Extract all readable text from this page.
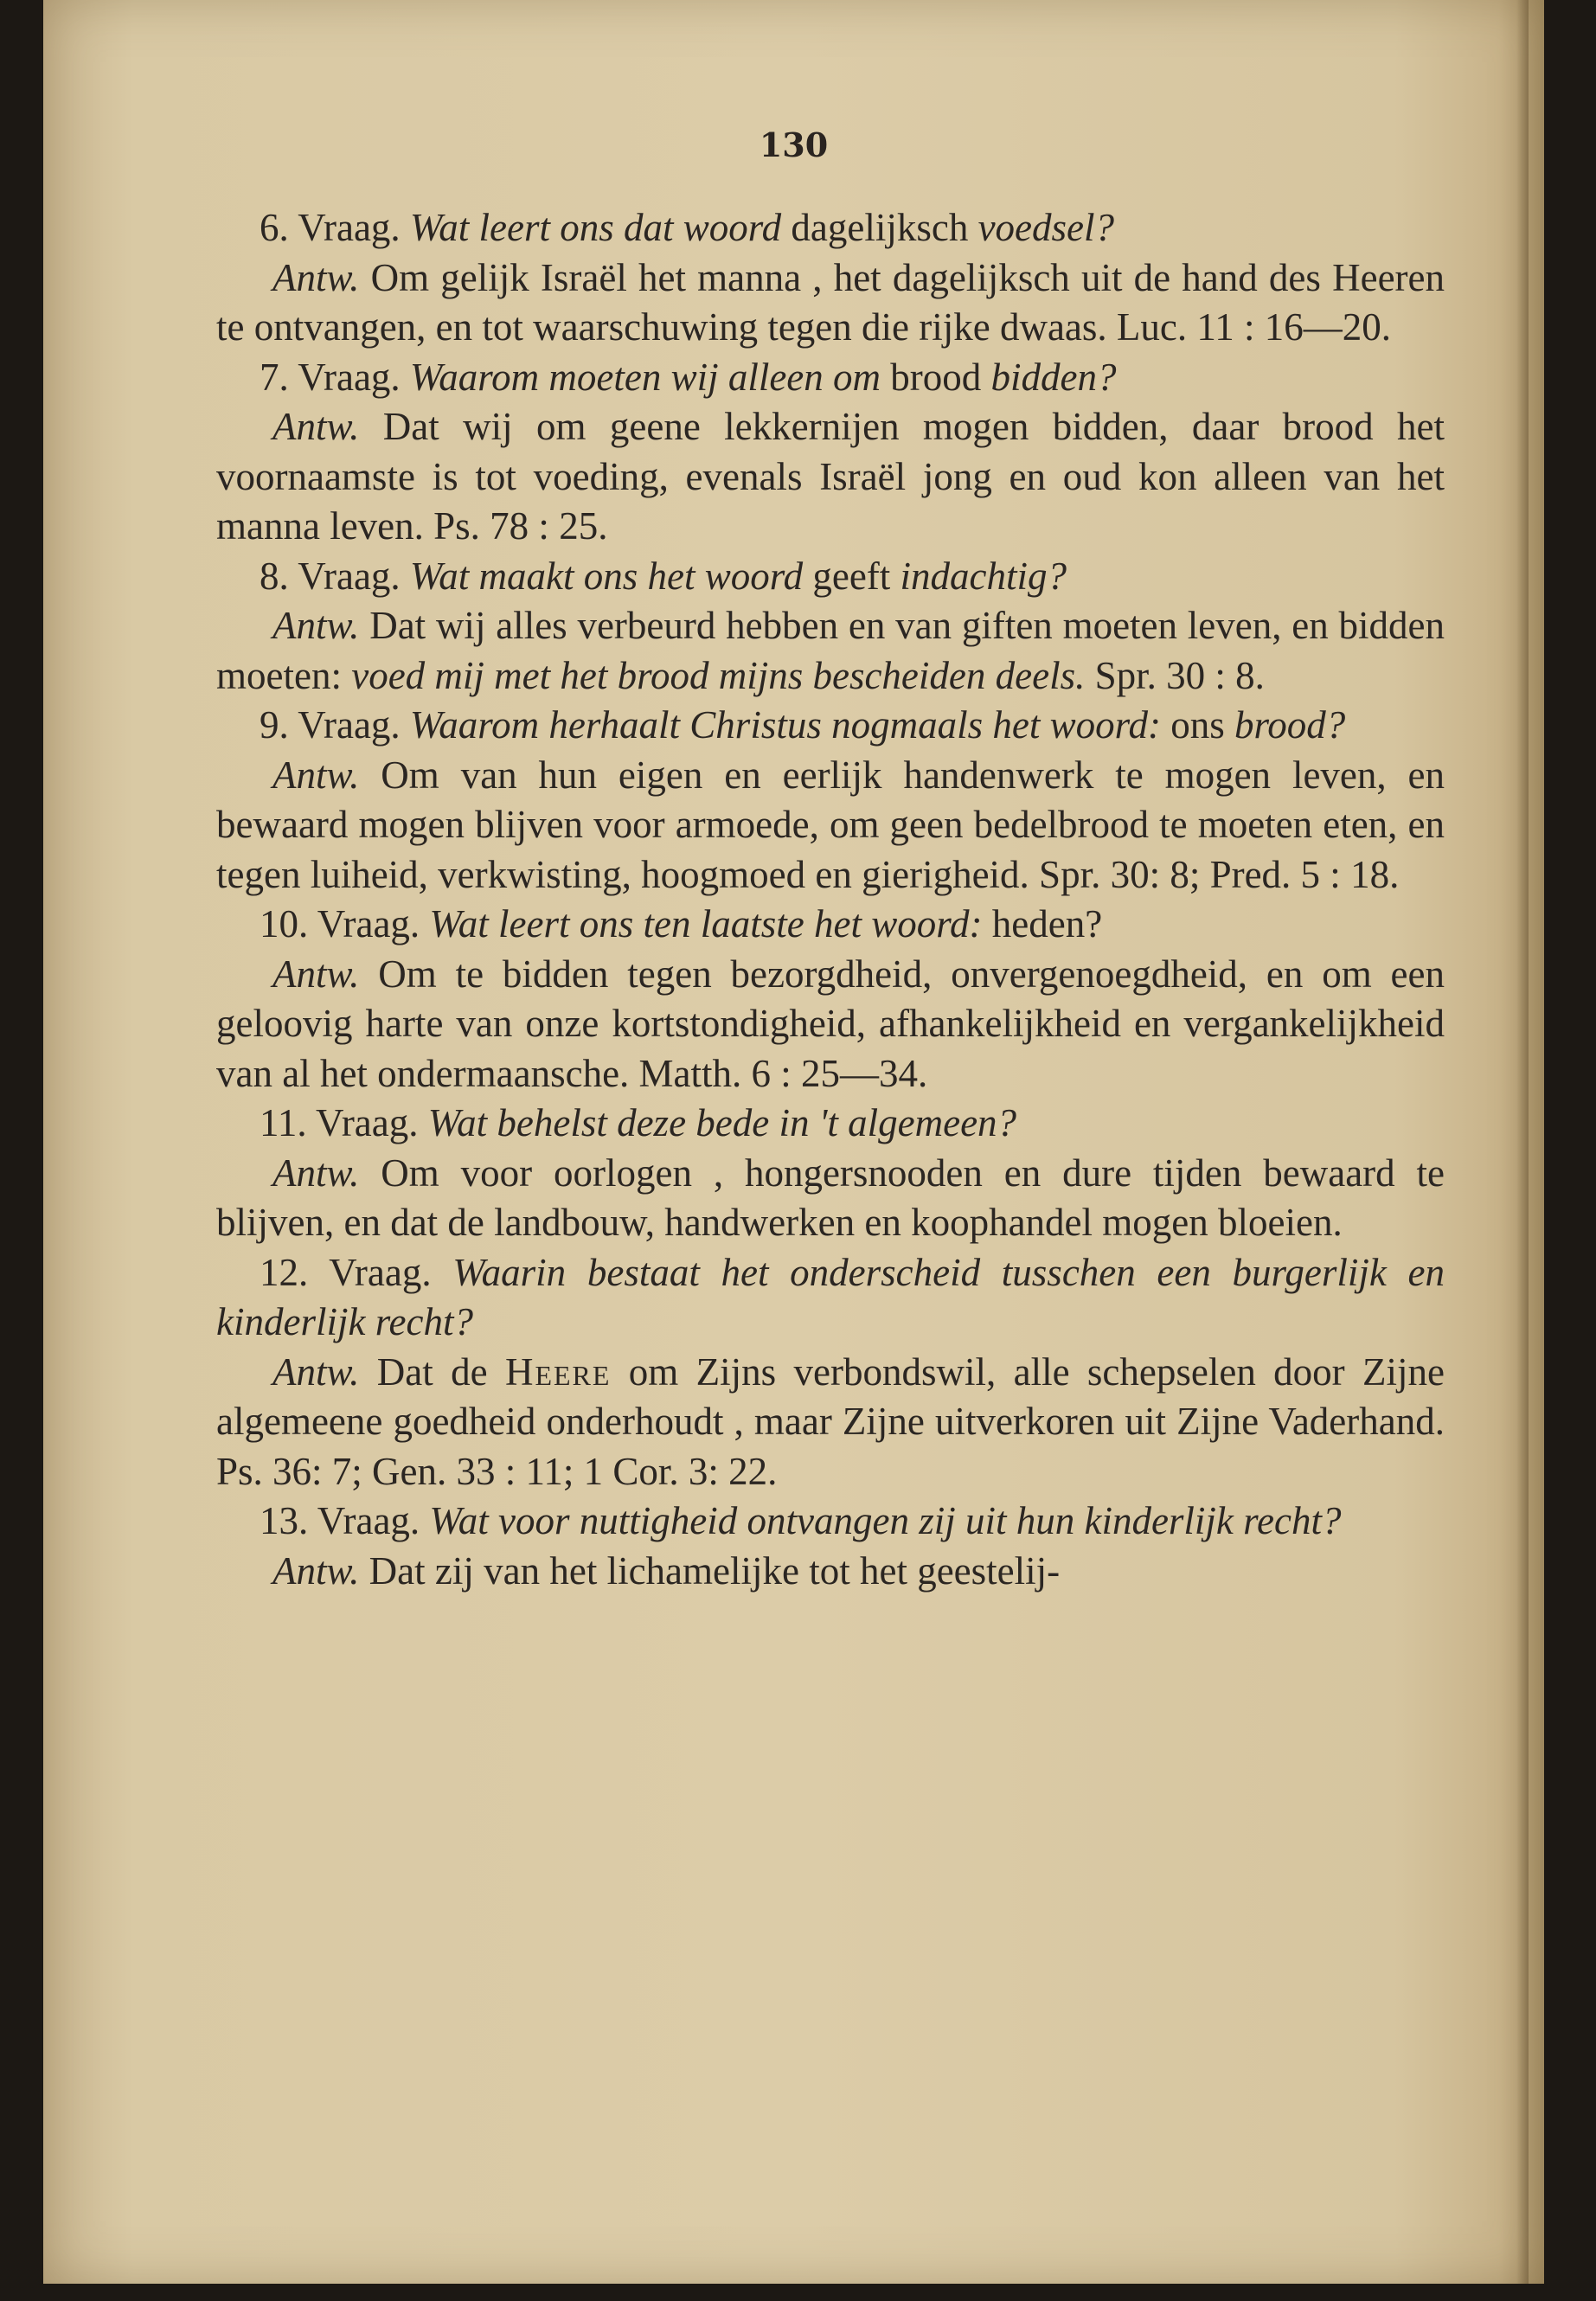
130

6. Vraag. Wat leert ons dat woord dagelijksch voedsel?

Antw. Om gelijk Israël het manna , het dagelijksch uit de hand des Heeren te ontvangen, en tot waarschuwing tegen die rijke dwaas. Luc. 11 : 16—20.

7. Vraag. Waarom moeten wij alleen om brood bidden?

Antw. Dat wij om geene lekkernijen mogen bidden, daar brood het voornaamste is tot voeding, evenals Israël jong en oud kon alleen van het manna leven. Ps. 78 : 25.

8. Vraag. Wat maakt ons het woord geeft indachtig?

Antw. Dat wij alles verbeurd hebben en van giften moeten leven, en bidden moeten: voed mij met het brood mijns bescheiden deels. Spr. 30 : 8.

9. Vraag. Waarom herhaalt Christus nogmaals het woord: ons brood?

Antw. Om van hun eigen en eerlijk handenwerk te mogen leven, en bewaard mogen blijven voor armoede, om geen bedelbrood te moeten eten, en tegen luiheid, verkwisting, hoogmoed en gierigheid. Spr. 30: 8; Pred. 5 : 18.

10. Vraag. Wat leert ons ten laatste het woord: heden?

Antw. Om te bidden tegen bezorgdheid, onvergenoegdheid, en om een geloovig harte van onze kortstondigheid, afhankelijkheid en vergankelijkheid van al het ondermaansche. Matth. 6 : 25—34.

11. Vraag. Wat behelst deze bede in 't algemeen?

Antw. Om voor oorlogen , hongersnooden en dure tijden bewaard te blijven, en dat de landbouw, handwerken en koophandel mogen bloeien.

12. Vraag. Waarin bestaat het onderscheid tusschen een burgerlijk en kinderlijk recht?

Antw. Dat de Heere om Zijns verbondswil, alle schepselen door Zijne algemeene goedheid onderhoudt , maar Zijne uitverkoren uit Zijne Vaderhand. Ps. 36: 7; Gen. 33 : 11; 1 Cor. 3: 22.

13. Vraag. Wat voor nuttigheid ontvangen zij uit hun kinderlijk recht?

Antw. Dat zij van het lichamelijke tot het geestelij-
